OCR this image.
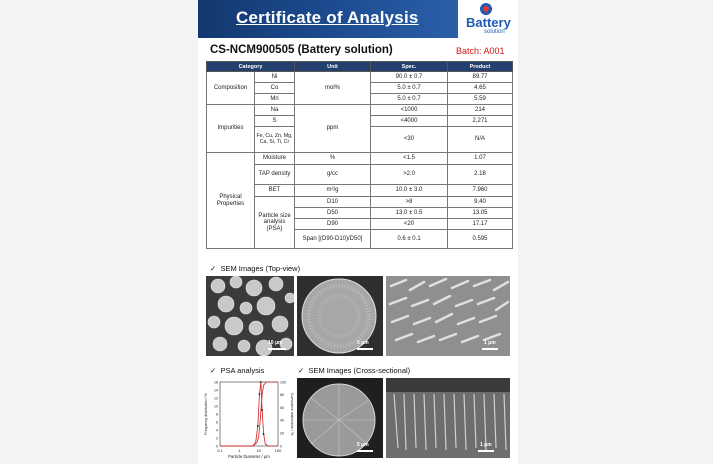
Certificate of Analysis	Battery
solution
CS-NCM900505 (Battery solution)	Batch: A001
Category		Unit	Spec.	Product
Composition	Ni	mol%	90.0 ± 0.7	89.77
	Co		5.0 ± 0.7	4.65
	Mn		5.0 ± 0.7	5.59
Impurities	Na	ppm	<1000	214
	S		<4000	2,271
	Fe, Cu, Zn, Mg, Ca, Si, Ti, Cr		<30	N/A
Physical Properties	Moisture	%	<1.5	1.07
	TAP density	g/cc	>2.0	2.18
	BET	m²/g	10.0 ± 3.0	7.960
	Particle size analysis (PSA)	D10	>8	9.40
		D50	13.0 ± 0.5	13.05
		D90	<20	17.17
		Span [(D90-D10)/D50]	0.6 ± 0.1	0.595
✓ SEM Images (Top-view)
10 μm	5 μm	1 μm
✓ PSA analysis	✓ SEM Images (Cross-sectional)
0.1	1	10	100
0
2
4
6
8
10
12
14
16
0
20
40
60
80
100
Particle Diameter / μm
Frequency distribution / %	Cumulative distribution / %
5 μm	1 μm
